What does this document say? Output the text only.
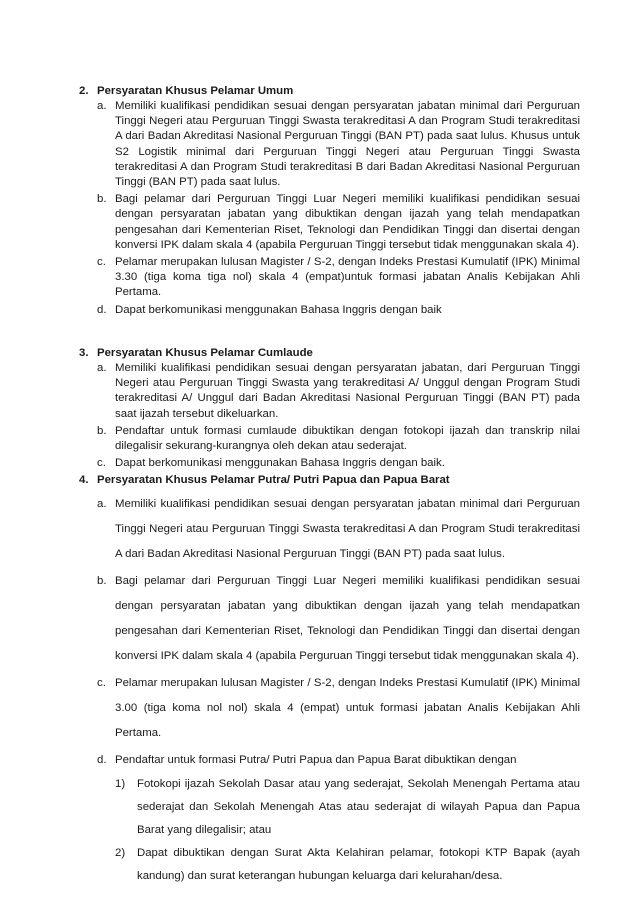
2. Persyaratan Khusus Pelamar Umum
a. Memiliki kualifikasi pendidikan sesuai dengan persyaratan jabatan minimal dari Perguruan Tinggi Negeri atau Perguruan Tinggi Swasta terakreditasi A dan Program Studi terakreditasi A dari Badan Akreditasi Nasional Perguruan Tinggi (BAN PT) pada saat lulus. Khusus untuk S2 Logistik minimal dari Perguruan Tinggi Negeri atau Perguruan Tinggi Swasta terakreditasi A dan Program Studi terakreditasi B dari Badan Akreditasi Nasional Perguruan Tinggi (BAN PT) pada saat lulus.
b. Bagi pelamar dari Perguruan Tinggi Luar Negeri memiliki kualifikasi pendidikan sesuai dengan persyaratan jabatan yang dibuktikan dengan ijazah yang telah mendapatkan pengesahan dari Kementerian Riset, Teknologi dan Pendidikan Tinggi dan disertai dengan konversi IPK dalam skala 4 (apabila Perguruan Tinggi tersebut tidak menggunakan skala 4).
c. Pelamar merupakan lulusan Magister / S-2, dengan Indeks Prestasi Kumulatif (IPK) Minimal 3.30 (tiga koma tiga nol) skala 4 (empat)untuk formasi jabatan Analis Kebijakan Ahli Pertama.
d. Dapat berkomunikasi menggunakan Bahasa Inggris dengan baik
3. Persyaratan Khusus Pelamar Cumlaude
a. Memiliki kualifikasi pendidikan sesuai dengan persyaratan jabatan, dari Perguruan Tinggi Negeri atau Perguruan Tinggi Swasta yang terakreditasi A/ Unggul dengan Program Studi terakreditasi A/ Unggul dari Badan Akreditasi Nasional Perguruan Tinggi (BAN PT) pada saat ijazah tersebut dikeluarkan.
b. Pendaftar untuk formasi cumlaude dibuktikan dengan fotokopi ijazah dan transkrip nilai dilegalisir sekurang-kurangnya oleh dekan atau sederajat.
c. Dapat berkomunikasi menggunakan Bahasa Inggris dengan baik.
4. Persyaratan Khusus Pelamar Putra/ Putri Papua dan Papua Barat
a. Memiliki kualifikasi pendidikan sesuai dengan persyaratan jabatan minimal dari Perguruan Tinggi Negeri atau Perguruan Tinggi Swasta terakreditasi A dan Program Studi terakreditasi A dari Badan Akreditasi Nasional Perguruan Tinggi (BAN PT) pada saat lulus.
b. Bagi pelamar dari Perguruan Tinggi Luar Negeri memiliki kualifikasi pendidikan sesuai dengan persyaratan jabatan yang dibuktikan dengan ijazah yang telah mendapatkan pengesahan dari Kementerian Riset, Teknologi dan Pendidikan Tinggi dan disertai dengan konversi IPK dalam skala 4 (apabila Perguruan Tinggi tersebut tidak menggunakan skala 4).
c. Pelamar merupakan lulusan Magister / S-2, dengan Indeks Prestasi Kumulatif (IPK) Minimal 3.00 (tiga koma nol nol) skala 4 (empat) untuk formasi jabatan Analis Kebijakan Ahli Pertama.
d. Pendaftar untuk formasi Putra/ Putri Papua dan Papua Barat dibuktikan dengan
1)	Fotokopi ijazah Sekolah Dasar atau yang sederajat, Sekolah Menengah Pertama atau sederajat dan Sekolah Menengah Atas atau sederajat di wilayah Papua dan Papua Barat yang dilegalisir; atau
2)	Dapat dibuktikan dengan Surat Akta Kelahiran pelamar, fotokopi KTP Bapak (ayah kandung) dan surat keterangan hubungan keluarga dari kelurahan/desa.
